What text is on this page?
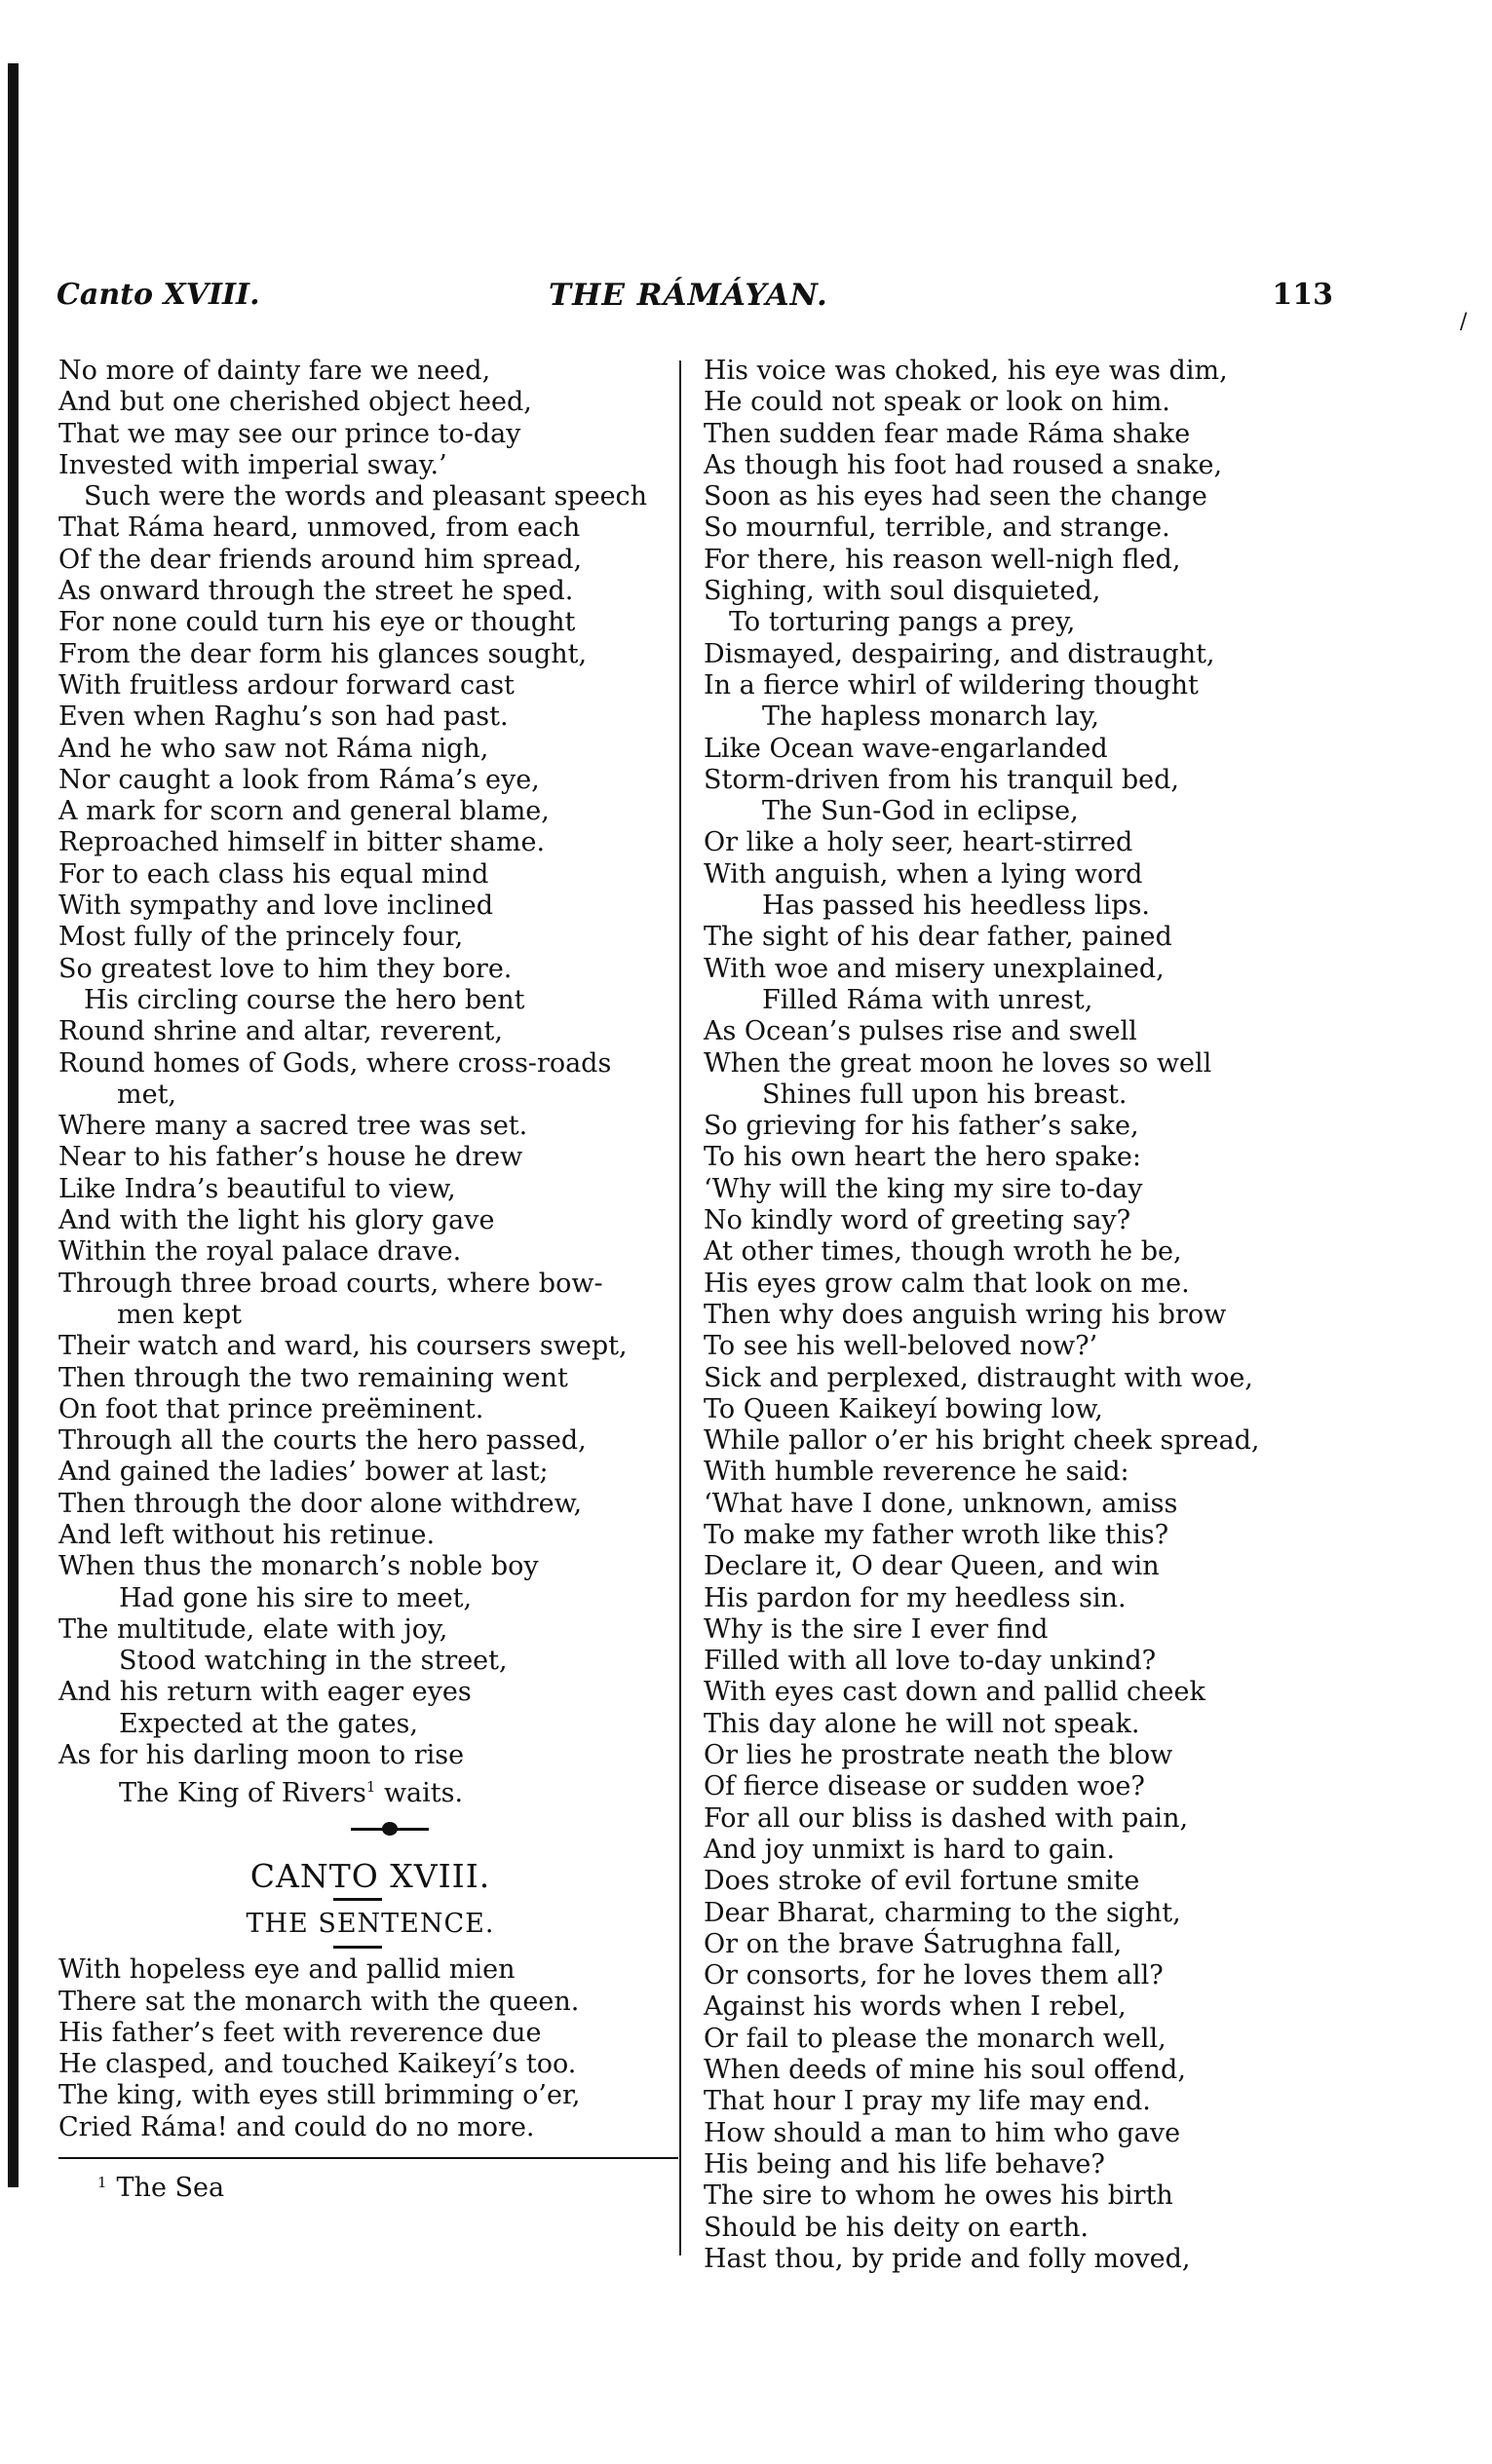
/
Canto XVIII.	THE RÁMÁYAN.	113
No more of dainty fare we need,
And but one cherished object heed,
That we may see our prince to-day
Invested with imperial sway.’
Such were the words and pleasant speech
That Ráma heard, unmoved, from each
Of the dear friends around him spread,
As onward through the street he sped.
For none could turn his eye or thought
From the dear form his glances sought,
With fruitless ardour forward cast
Even when Raghu’s son had past.
And he who saw not Ráma nigh,
Nor caught a look from Ráma’s eye,
A mark for scorn and general blame,
Reproached himself in bitter shame.
For to each class his equal mind
With sympathy and love inclined
Most fully of the princely four,
So greatest love to him they bore.
His circling course the hero bent
Round shrine and altar, reverent,
Round homes of Gods, where cross-roads
met,
Where many a sacred tree was set.
Near to his father’s house he drew
Like Indra’s beautiful to view,
And with the light his glory gave
Within the royal palace drave.
Through three broad courts, where bow-
men kept
Their watch and ward, his coursers swept,
Then through the two remaining went
On foot that prince preëminent.
Through all the courts the hero passed,
And gained the ladies’ bower at last;
Then through the door alone withdrew,
And left without his retinue.
When thus the monarch’s noble boy
Had gone his sire to meet,
The multitude, elate with joy,
Stood watching in the street,
And his return with eager eyes
Expected at the gates,
As for his darling moon to rise
The King of Rivers$^1$ waits.
CANTO XVIII.
THE SENTENCE.
With hopeless eye and pallid mien
There sat the monarch with the queen.
His father’s feet with reverence due
He clasped, and touched Kaikeyí’s too.
The king, with eyes still brimming o’er,
Cried Ráma! and could do no more.
$^1$ The Sea
His voice was choked, his eye was dim,
He could not speak or look on him.
Then sudden fear made Ráma shake
As though his foot had roused a snake,
Soon as his eyes had seen the change
So mournful, terrible, and strange.
For there, his reason well-nigh fled,
Sighing, with soul disquieted,
To torturing pangs a prey,
Dismayed, despairing, and distraught,
In a fierce whirl of wildering thought
The hapless monarch lay,
Like Ocean wave-engarlanded
Storm-driven from his tranquil bed,
The Sun-God in eclipse,
Or like a holy seer, heart-stirred
With anguish, when a lying word
Has passed his heedless lips.
The sight of his dear father, pained
With woe and misery unexplained,
Filled Ráma with unrest,
As Ocean’s pulses rise and swell
When the great moon he loves so well
Shines full upon his breast.
So grieving for his father’s sake,
To his own heart the hero spake:
‘Why will the king my sire to-day
No kindly word of greeting say?
At other times, though wroth he be,
His eyes grow calm that look on me.
Then why does anguish wring his brow
To see his well-beloved now?’
Sick and perplexed, distraught with woe,
To Queen Kaikeyí bowing low,
While pallor o’er his bright cheek spread,
With humble reverence he said:
‘What have I done, unknown, amiss
To make my father wroth like this?
Declare it, O dear Queen, and win
His pardon for my heedless sin.
Why is the sire I ever find
Filled with all love to-day unkind?
With eyes cast down and pallid cheek
This day alone he will not speak.
Or lies he prostrate neath the blow
Of fierce disease or sudden woe?
For all our bliss is dashed with pain,
And joy unmixt is hard to gain.
Does stroke of evil fortune smite
Dear Bharat, charming to the sight,
Or on the brave Śatrughna fall,
Or consorts, for he loves them all?
Against his words when I rebel,
Or fail to please the monarch well,
When deeds of mine his soul offend,
That hour I pray my life may end.
How should a man to him who gave
His being and his life behave?
The sire to whom he owes his birth
Should be his deity on earth.
Hast thou, by pride and folly moved,
